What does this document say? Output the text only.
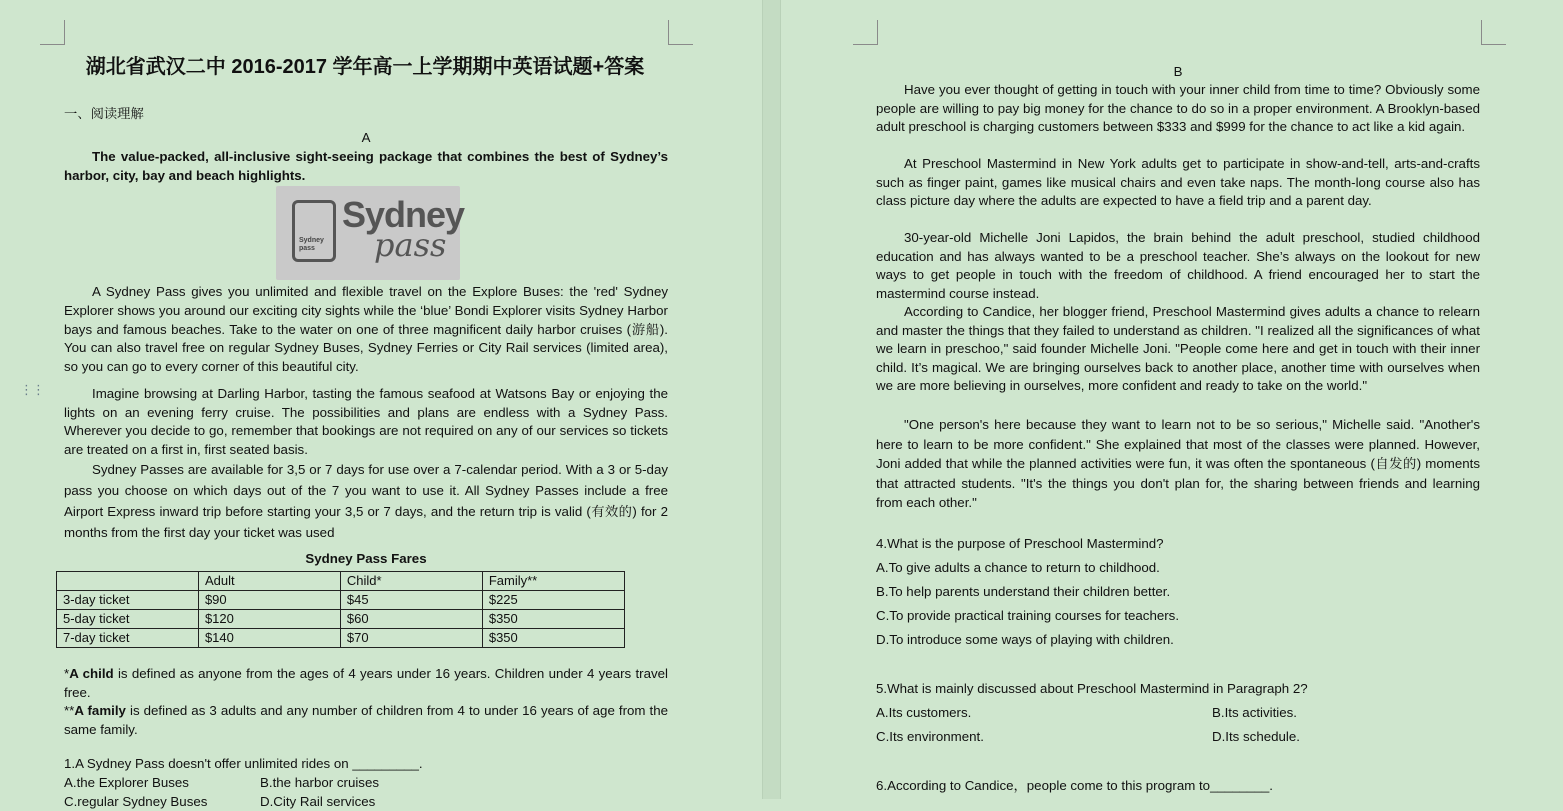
⋮⋮
湖北省武汉二中 2016-2017 学年高一上学期期中英语试题+答案

一、阅读理解

A

The value-packed, all-inclusive sight-seeing package that combines the best of Sydney’s harbor, city, bay and beach highlights.

Sydney pass
Sydney
pass

A Sydney Pass gives you unlimited and flexible travel on the Explore Buses: the 'red' Sydney Explorer shows you around our exciting city sights while the ‘blue’ Bondi Explorer visits Sydney Harbor bays and famous beaches. Take to the water on one of three magnificent daily harbor cruises (游船). You can also travel free on regular Sydney Buses, Sydney Ferries or City Rail services (limited area), so you can go to every corner of this beautiful city.

Imagine browsing at Darling Harbor, tasting the famous seafood at Watsons Bay or enjoying the lights on an evening ferry cruise. The possibilities and plans are endless with a Sydney Pass. Wherever you decide to go, remember that bookings are not required on any of our services so tickets are treated on a first in, first seated basis.

Sydney Passes are available for 3,5 or 7 days for use over a 7-calendar period. With a 3 or 5-day pass you choose on which days out of the 7 you want to use it. All Sydney Passes include a free Airport Express inward trip before starting your 3,5 or 7 days, and the return trip is valid (有效的) for 2 months from the first day your ticket was used

Sydney Pass Fares
	Adult	Child*	Family**
3-day ticket	$90	$45	$225
5-day ticket	$120	$60	$350
7-day ticket	$140	$70	$350

*A child is defined as anyone from the ages of 4 years under 16 years. Children under 4 years travel free.

**A family is defined as 3 adults and any number of children from 4 to under 16 years of age from the same family.

1.A Sydney Pass doesn't offer unlimited rides on _________.

A.the Explorer Buses	B.the harbor cruises

C.regular Sydney Buses	D.City Rail services

B

Have you ever thought of getting in touch with your inner child from time to time? Obviously some people are willing to pay big money for the chance to do so in a proper environment. A Brooklyn-based adult preschool is charging customers between $333 and $999 for the chance to act like a kid again.

At Preschool Mastermind in New York adults get to participate in show-and-tell, arts-and-crafts such as finger paint, games like musical chairs and even take naps. The month-long course also has class picture day where the adults are expected to have a field trip and a parent day.

30-year-old Michelle Joni Lapidos, the brain behind the adult preschool, studied childhood education and has always wanted to be a preschool teacher. She’s always on the lookout for new ways to get people in touch with the freedom of childhood. A friend encouraged her to start the mastermind course instead.

According to Candice, her blogger friend, Preschool Mastermind gives adults a chance to relearn and master the things that they failed to understand as children. "I realized all the significances of what we learn in preschoo," said founder Michelle Joni. "People come here and get in touch with their inner child. It’s magical. We are bringing ourselves back to another place, another time with ourselves when we are more believing in ourselves, more confident and ready to take on the world."

"One person's here because they want to learn not to be so serious," Michelle said. "Another's here to learn to be more confident." She explained that most of the classes were planned. However, Joni added that while the planned activities were fun, it was often the spontaneous (自发的) moments that attracted students. "It's the things you don't plan for, the sharing between friends and learning from each other."

4.What is the purpose of Preschool Mastermind?

A.To give adults a chance to return to childhood.

B.To help parents understand their children better.

C.To provide practical training courses for teachers.

D.To introduce some ways of playing with children.

5.What is mainly discussed about Preschool Mastermind in Paragraph 2?

A.Its customers.	B.Its activities.

C.Its environment.	D.Its schedule.

6.According to Candice，people come to this program to________.
